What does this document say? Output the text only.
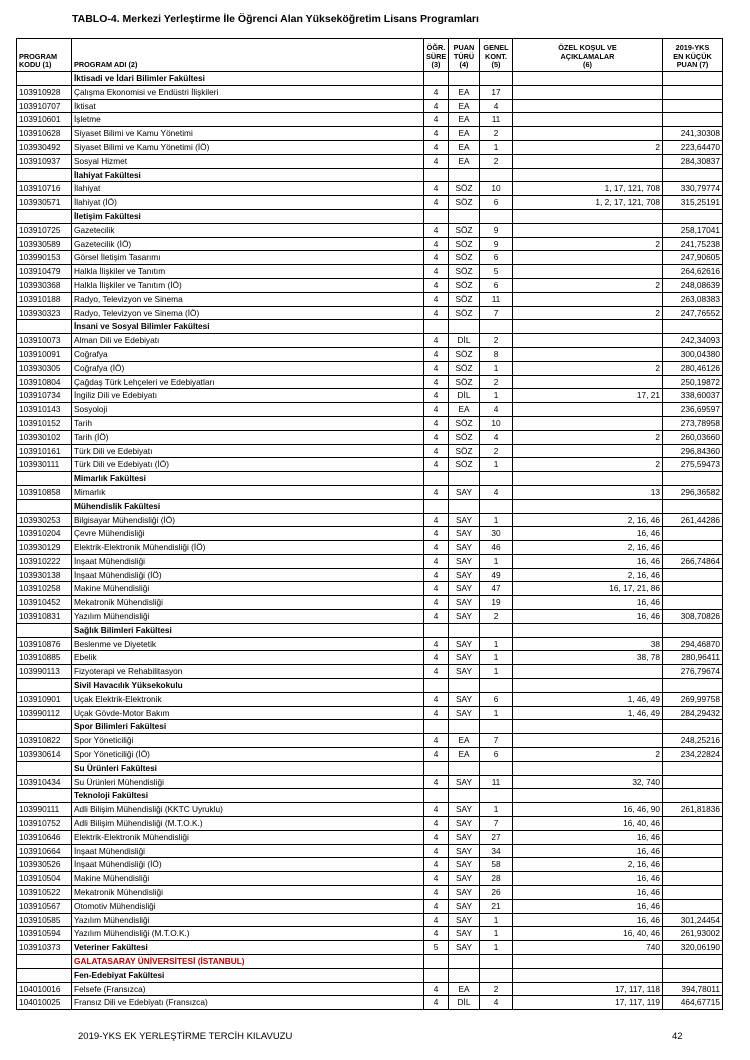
TABLO-4. Merkezi Yerleştirme İle Öğrenci Alan Yükseköğretim Lisans Programları
PROGRAM
KODU (1)	PROGRAM ADI (2)	ÖĞR.
SÜRE
(3)	PUAN
TÜRÜ
(4)	GENEL
KONT.
(5)	ÖZEL KOŞUL VE
AÇIKLAMALAR
(6)	2019-YKS
EN KÜÇÜK
PUAN (7)
	İktisadi ve İdari Bilimler Fakültesi					
103910928	Çalışma Ekonomisi ve Endüstri İlişkileri	4	EA	17		
103910707	İktisat	4	EA	4		
103910601	İşletme	4	EA	11		
103910628	Siyaset Bilimi ve Kamu Yönetimi	4	EA	2		241,30308
103930492	Siyaset Bilimi ve Kamu Yönetimi (İÖ)	4	EA	1	2	223,64470
103910937	Sosyal Hizmet	4	EA	2		284,30837
	İlahiyat Fakültesi					
103910716	İlahiyat	4	SÖZ	10	1, 17, 121, 708	330,79774
103930571	İlahiyat (İÖ)	4	SÖZ	6	1, 2, 17, 121, 708	315,25191
	İletişim Fakültesi					
103910725	Gazetecilik	4	SÖZ	9		258,17041
103930589	Gazetecilik (İÖ)	4	SÖZ	9	2	241,75238
103990153	Görsel İletişim Tasarımı	4	SÖZ	6		247,90605
103910479	Halkla İlişkiler ve Tanıtım	4	SÖZ	5		264,62616
103930368	Halkla İlişkiler ve Tanıtım (İÖ)	4	SÖZ	6	2	248,08639
103910188	Radyo, Televizyon ve Sinema	4	SÖZ	11		263,08383
103930323	Radyo, Televizyon ve Sinema (İÖ)	4	SÖZ	7	2	247,76552
	İnsani ve Sosyal Bilimler Fakültesi					
103910073	Alman Dili ve Edebiyatı	4	DİL	2		242,34093
103910091	Coğrafya	4	SÖZ	8		300,04380
103930305	Coğrafya (İÖ)	4	SÖZ	1	2	280,46126
103910804	Çağdaş Türk Lehçeleri ve Edebiyatları	4	SÖZ	2		250,19872
103910734	İngiliz Dili ve Edebiyatı	4	DİL	1	17, 21	338,60037
103910143	Sosyoloji	4	EA	4		236,69597
103910152	Tarih	4	SÖZ	10		273,78958
103930102	Tarih (İÖ)	4	SÖZ	4	2	260,03660
103910161	Türk Dili ve Edebiyatı	4	SÖZ	2		296,84360
103930111	Türk Dili ve Edebiyatı (İÖ)	4	SÖZ	1	2	275,59473
	Mimarlık Fakültesi					
103910858	Mimarlık	4	SAY	4	13	296,36582
	Mühendislik Fakültesi					
103930253	Bilgisayar Mühendisliği (İÖ)	4	SAY	1	2, 16, 46	261,44286
103910204	Çevre Mühendisliği	4	SAY	30	16, 46	
103930129	Elektrik-Elektronik Mühendisliği (İÖ)	4	SAY	46	2, 16, 46	
103910222	İnşaat Mühendisliği	4	SAY	1	16, 46	266,74864
103930138	İnşaat Mühendisliği (İÖ)	4	SAY	49	2, 16, 46	
103910258	Makine Mühendisliği	4	SAY	47	16, 17, 21, 86	
103910452	Mekatronik Mühendisliği	4	SAY	19	16, 46	
103910831	Yazılım Mühendisliği	4	SAY	2	16, 46	308,70826
	Sağlık Bilimleri Fakültesi					
103910876	Beslenme ve Diyetetik	4	SAY	1	38	294,46870
103910885	Ebelik	4	SAY	1	38, 78	280,96411
103990113	Fizyoterapi ve Rehabilitasyon	4	SAY	1		276,79674
	Sivil Havacılık Yüksekokulu					
103910901	Uçak Elektrik-Elektronik	4	SAY	6	1, 46, 49	269,99758
103990112	Uçak Gövde-Motor Bakım	4	SAY	1	1, 46, 49	284,29432
	Spor Bilimleri Fakültesi					
103910822	Spor Yöneticiliği	4	EA	7		248,25216
103930614	Spor Yöneticiliği (İÖ)	4	EA	6	2	234,22824
	Su Ürünleri Fakültesi					
103910434	Su Ürünleri Mühendisliği	4	SAY	11	32, 740	
	Teknoloji Fakültesi					
103990111	Adli Bilişim Mühendisliği (KKTC Uyruklu)	4	SAY	1	16, 46, 90	261,81836
103910752	Adli Bilişim Mühendisliği (M.T.O.K.)	4	SAY	7	16, 40, 46	
103910646	Elektrik-Elektronik Mühendisliği	4	SAY	27	16, 46	
103910664	İnşaat Mühendisliği	4	SAY	34	16, 46	
103930526	İnşaat Mühendisliği (İÖ)	4	SAY	58	2, 16, 46	
103910504	Makine Mühendisliği	4	SAY	28	16, 46	
103910522	Mekatronik Mühendisliği	4	SAY	26	16, 46	
103910567	Otomotiv Mühendisliği	4	SAY	21	16, 46	
103910585	Yazılım Mühendisliği	4	SAY	1	16, 46	301,24454
103910594	Yazılım Mühendisliği (M.T.O.K.)	4	SAY	1	16, 40, 46	261,93002
103910373	Veteriner Fakültesi	5	SAY	1	740	320,06190
	GALATASARAY ÜNİVERSİTESİ (İSTANBUL)					
	Fen-Edebiyat Fakültesi					
104010016	Felsefe (Fransızca)	4	EA	2	17, 117, 118	394,78011
104010025	Fransız Dili ve Edebiyatı (Fransızca)	4	DİL	4	17, 117, 119	464,67715
2019-YKS EK YERLEŞTİRME TERCİH KILAVUZU	42
